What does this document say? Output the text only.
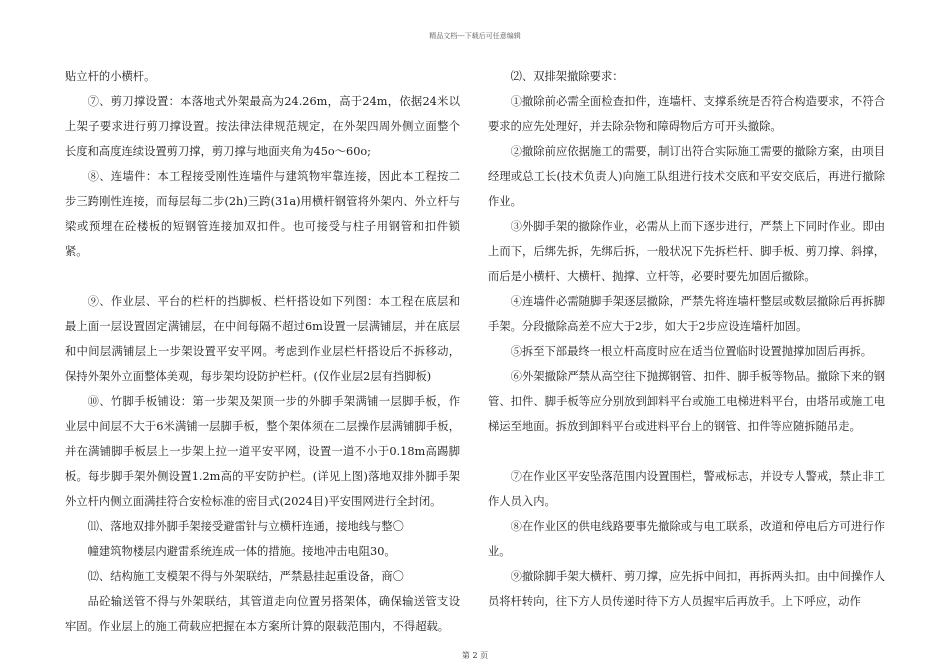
精品文档---下载后可任意编辑

贴立杆的小横杆。

⑦、剪刀撑设置：本落地式外架最高为24.26m，高于24m，依据24米以上架子要求进行剪刀撑设置。按法律法律规范规定，在外架四周外侧立面整个长度和高度连续设置剪刀撑，剪刀撑与地面夹角为45o～60o;

⑧、连墙件：本工程接受刚性连墙件与建筑物牢靠连接，因此本工程按二步三跨刚性连接，而每层每二步(2h)三跨(31a)用横杆钢管将外架内、外立杆与梁或预埋在砼楼板的短钢管连接加双扣件。也可接受与柱子用钢管和扣件锁紧。

⑨、作业层、平台的栏杆的挡脚板、栏杆搭设如下列图：本工程在底层和最上面一层设置固定满铺层，在中间每隔不超过6m设置一层满铺层，并在底层和中间层满铺层上一步架设置平安平网。考虑到作业层栏杆搭设后不拆移动，保持外架外立面整体美观，每步架均设防护栏杆。(仅作业层2层有挡脚板)

⑩、竹脚手板铺设：第一步架及架顶一步的外脚手架满铺一层脚手板，作业层中间层不大于6米满铺一层脚手板，整个架体须在二层操作层满铺脚手板，并在满铺脚手板层上一步架上拉一道平安平网，设置一道不小于0.18m高踢脚板。每步脚手架外侧设置1.2m高的平安防护栏。(详见上图)落地双排外脚手架外立杆内侧立面满挂符合安检标准的密目式(2024目)平安围网进行全封闭。

⑾、落地双排外脚手架接受避雷针与立横杆连通，接地线与整〇

幢建筑物楼层内避雷系统连成一体的措施。接地冲击电阻30。

⑿、结构施工支模架不得与外架联结，严禁悬挂起重设备，商〇

品砼输送管不得与外架联结，其管道走向位置另搭架体，确保输送管支设牢固。作业层上的施工荷载应把握在本方案所计算的限载范围内，不得超载。

⑵、双排架撤除要求：

①撤除前必需全面检查扣件，连墙杆、支撑系统是否符合构造要求，不符合要求的应先处理好，并去除杂物和障碍物后方可开头撤除。

②撤除前应依据施工的需要，制订出符合实际施工需要的撤除方案，由项目经理或总工长(技术负责人)向施工队组进行技术交底和平安交底后，再进行撤除作业。

③外脚手架的撤除作业，必需从上而下逐步进行，严禁上下同时作业。即由上而下，后绑先拆，先绑后拆，一般状况下先拆栏杆、脚手板、剪刀撑、斜撑，而后是小横杆、大横杆、抛撑、立杆等，必要时要先加固后撤除。

④连墙件必需随脚手架逐层撤除，严禁先将连墙杆整层或数层撤除后再拆脚手架。分段撤除高差不应大于2步，如大于2步应设连墙杆加固。

⑤拆至下部最终一根立杆高度时应在适当位置临时设置抛撑加固后再拆。

⑥外架撤除严禁从高空往下抛掷钢管、扣件、脚手板等物品。撤除下来的钢管、扣件、脚手板等应分别放到卸料平台或施工电梯进料平台，由塔吊或施工电梯运至地面。拆放到卸料平台或进料平台上的钢管、扣件等应随拆随吊走。

⑦在作业区平安坠落范围内设置围栏，警戒标志，并设专人警戒，禁止非工作人员入内。

⑧在作业区的供电线路要事先撤除或与电工联系，改道和停电后方可进行作业。

⑨撤除脚手架大横杆、剪刀撑，应先拆中间扣，再拆两头扣。由中间操作人员将杆转向，往下方人员传递时待下方人员握牢后再放手。上下呼应，动作

第 2 页
